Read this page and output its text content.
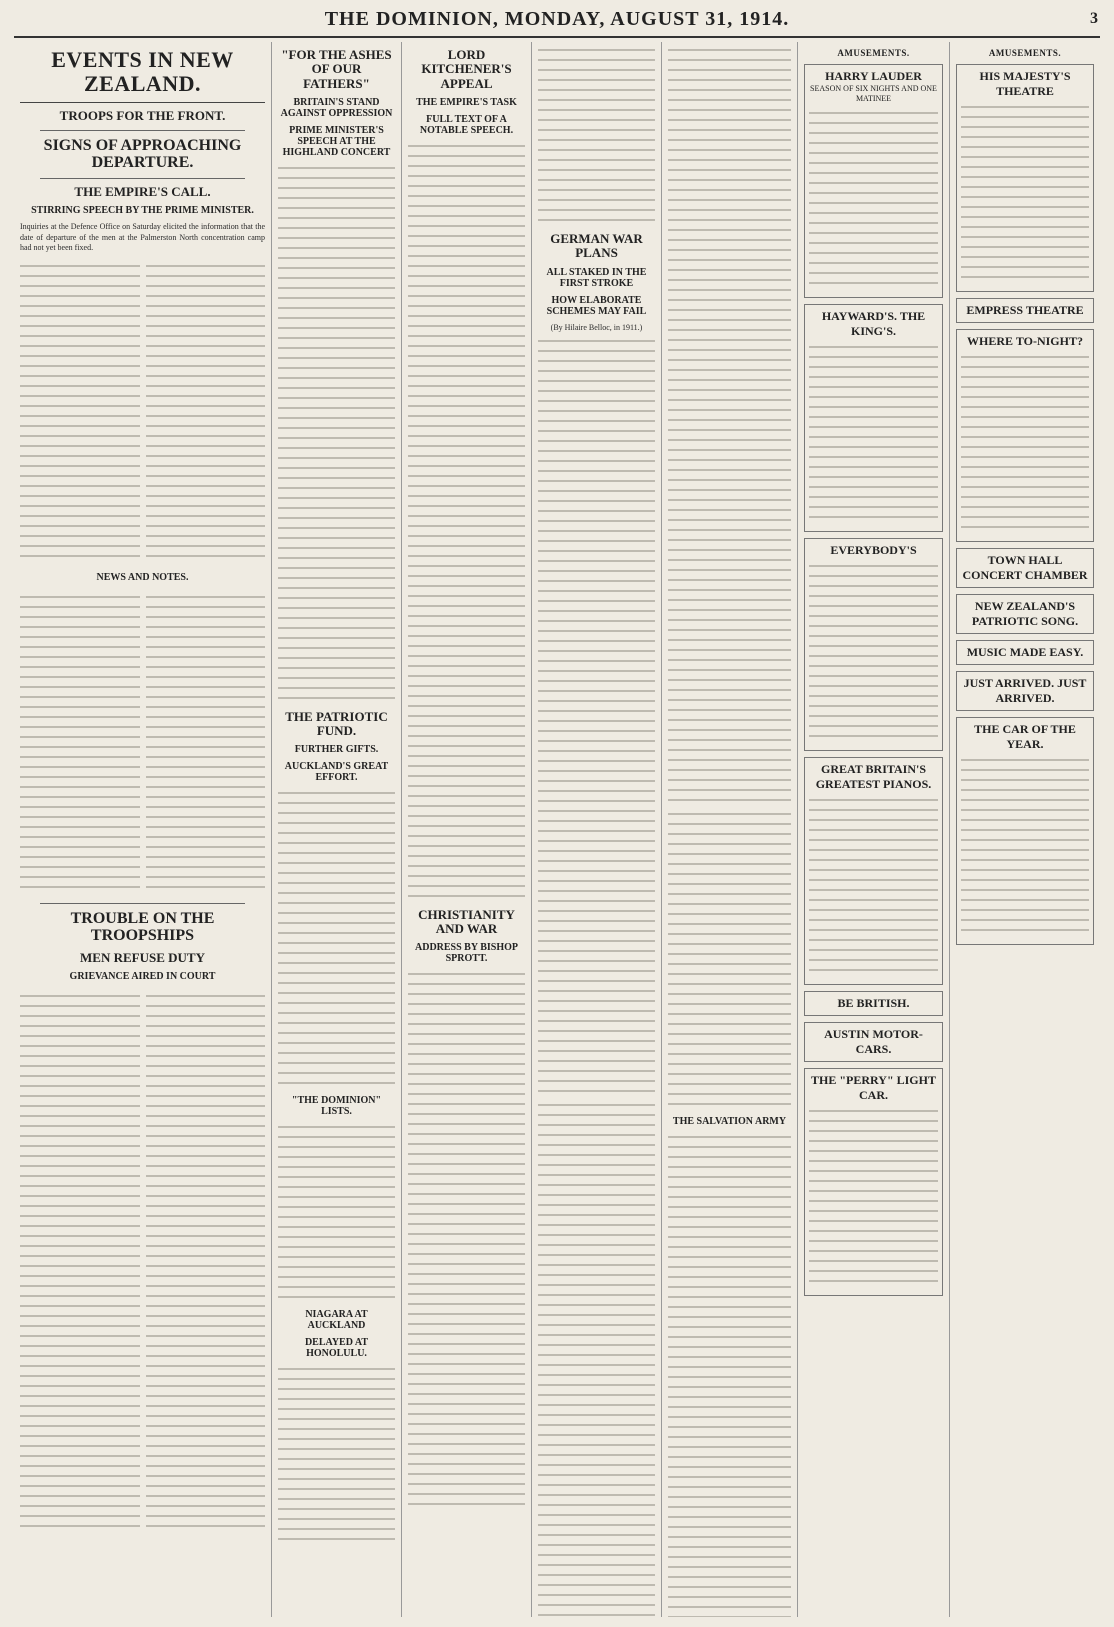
THE DOMINION, MONDAY, AUGUST 31, 1914.	3
EVENTS IN NEW ZEALAND.
TROOPS FOR THE FRONT.
SIGNS OF APPROACHING DEPARTURE.
THE EMPIRE'S CALL.
STIRRING SPEECH BY THE PRIME MINISTER.
Inquiries at the Defence Office on Saturday elicited the information that the date of departure of the men at the Palmerston North concentration camp had not yet been fixed.
NEWS AND NOTES.
TROUBLE ON THE TROOPSHIPS
MEN REFUSE DUTY
GRIEVANCE AIRED IN COURT
"FOR THE ASHES OF OUR FATHERS"
BRITAIN'S STAND AGAINST OPPRESSION
PRIME MINISTER'S SPEECH AT THE HIGHLAND CONCERT
THE PATRIOTIC FUND.
FURTHER GIFTS.
AUCKLAND'S GREAT EFFORT.
"THE DOMINION" LISTS.
NIAGARA AT AUCKLAND
DELAYED AT HONOLULU.
LORD KITCHENER'S APPEAL
THE EMPIRE'S TASK
FULL TEXT OF A NOTABLE SPEECH.
CHRISTIANITY AND WAR
ADDRESS BY BISHOP SPROTT.
GERMAN WAR PLANS
ALL STAKED IN THE FIRST STROKE
HOW ELABORATE SCHEMES MAY FAIL
(By Hilaire Belloc, in 1911.)
THE SALVATION ARMY
AMUSEMENTS.
HARRY LAUDER
SEASON OF SIX NIGHTS AND ONE MATINEE
HAYWARD'S. THE KING'S.
EVERYBODY'S
GREAT BRITAIN'S GREATEST PIANOS.
BE BRITISH.
AUSTIN MOTOR-CARS.
THE "PERRY" LIGHT CAR.
AMUSEMENTS.
HIS MAJESTY'S THEATRE
EMPRESS THEATRE
WHERE TO-NIGHT?
TOWN HALL CONCERT CHAMBER
NEW ZEALAND'S PATRIOTIC SONG.
MUSIC MADE EASY.
JUST ARRIVED. JUST ARRIVED.
THE CAR OF THE YEAR.
